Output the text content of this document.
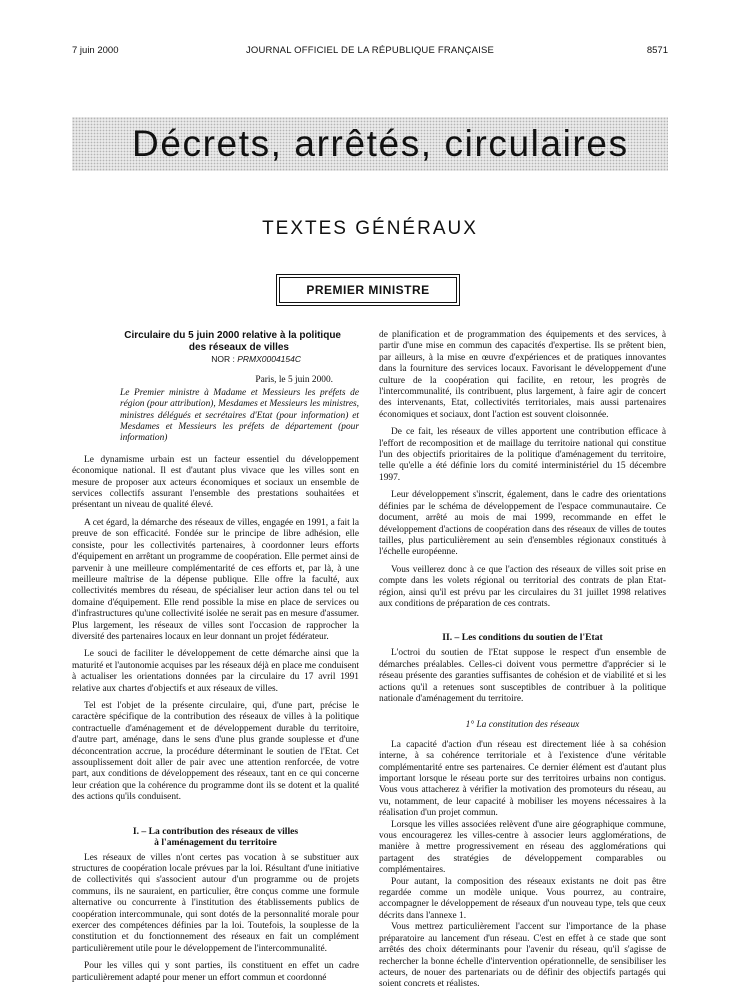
7 juin 2000	JOURNAL OFFICIEL DE LA RÉPUBLIQUE FRANÇAISE	8571
Décrets, arrêtés, circulaires
TEXTES GÉNÉRAUX
PREMIER MINISTRE
Circulaire du 5 juin 2000 relative à la politique
des réseaux de villes
NOR : PRMX0004154C
Paris, le 5 juin 2000.
Le Premier ministre à Madame et Messieurs les préfets de région (pour attribution), Mesdames et Messieurs les ministres, ministres délégués et secrétaires d'Etat (pour information) et Mesdames et Messieurs les préfets de département (pour information)

Le dynamisme urbain est un facteur essentiel du développement économique national. Il est d'autant plus vivace que les villes sont en mesure de proposer aux acteurs économiques et sociaux un ensemble de services collectifs assurant l'ensemble des prestations souhaitées et présentant un niveau de qualité élevé.

A cet égard, la démarche des réseaux de villes, engagée en 1991, a fait la preuve de son efficacité. Fondée sur le principe de libre adhésion, elle consiste, pour les collectivités partenaires, à coordonner leurs efforts d'équipement en arrêtant un programme de coopération. Elle permet ainsi de parvenir à une meilleure complémentarité de ces efforts et, par là, à une meilleure maîtrise de la dépense publique. Elle offre la faculté, aux collectivités membres du réseau, de spécialiser leur action dans tel ou tel domaine d'équipement. Elle rend possible la mise en place de services ou d'infrastructures qu'une collectivité isolée ne serait pas en mesure d'assumer. Plus largement, les réseaux de villes sont l'occasion de rapprocher la diversité des partenaires locaux en leur donnant un projet fédérateur.

Le souci de faciliter le développement de cette démarche ainsi que la maturité et l'autonomie acquises par les réseaux déjà en place me conduisent à actualiser les orientations données par la circulaire du 17 avril 1991 relative aux chartes d'objectifs et aux réseaux de villes.

Tel est l'objet de la présente circulaire, qui, d'une part, précise le caractère spécifique de la contribution des réseaux de villes à la politique contractuelle d'aménagement et de développement durable du territoire, d'autre part, aménage, dans le sens d'une plus grande souplesse et d'une déconcentration accrue, la procédure déterminant le soutien de l'Etat. Cet assouplissement doit aller de pair avec une attention renforcée, de votre part, aux conditions de développement des réseaux, tant en ce qui concerne leur création que la cohérence du programme dont ils se dotent et la qualité des actions qu'ils conduisent.

I. – La contribution des réseaux de villes
à l'aménagement du territoire

Les réseaux de villes n'ont certes pas vocation à se substituer aux structures de coopération locale prévues par la loi. Résultant d'une initiative de collectivités qui s'associent autour d'un programme ou de projets communs, ils ne sauraient, en particulier, être conçus comme une formule alternative ou concurrente à l'institution des établissements publics de coopération intercommunale, qui sont dotés de la personnalité morale pour exercer des compétences définies par la loi. Toutefois, la souplesse de la constitution et du fonctionnement des réseaux en fait un complément particulièrement utile pour le développement de l'intercommunalité.

Pour les villes qui y sont parties, ils constituent en effet un cadre particulièrement adapté pour mener un effort commun et coordonné

de planification et de programmation des équipements et des services, à partir d'une mise en commun des capacités d'expertise. Ils se prêtent bien, par ailleurs, à la mise en œuvre d'expériences et de pratiques innovantes dans la fourniture des services locaux. Favorisant le développement d'une culture de la coopération qui facilite, en retour, les progrès de l'intercommunalité, ils contribuent, plus largement, à faire agir de concert des intervenants, Etat, collectivités territoriales, mais aussi partenaires économiques et sociaux, dont l'action est souvent cloisonnée.

De ce fait, les réseaux de villes apportent une contribution efficace à l'effort de recomposition et de maillage du territoire national qui constitue l'un des objectifs prioritaires de la politique d'aménagement du territoire, telle qu'elle a été définie lors du comité interministériel du 15 décembre 1997.

Leur développement s'inscrit, également, dans le cadre des orientations définies par le schéma de développement de l'espace communautaire. Ce document, arrêté au mois de mai 1999, recommande en effet le développement d'actions de coopération dans des réseaux de villes de toutes tailles, plus particulièrement au sein d'ensembles régionaux constitués à l'échelle européenne.

Vous veillerez donc à ce que l'action des réseaux de villes soit prise en compte dans les volets régional ou territorial des contrats de plan Etat-région, ainsi qu'il est prévu par les circulaires du 31 juillet 1998 relatives aux conditions de préparation de ces contrats.

II. – Les conditions du soutien de l'Etat

L'octroi du soutien de l'Etat suppose le respect d'un ensemble de démarches préalables. Celles-ci doivent vous permettre d'apprécier si le réseau présente des garanties suffisantes de cohésion et de viabilité et si les actions qu'il a retenues sont susceptibles de contribuer à la politique nationale d'aménagement du territoire.

1° La constitution des réseaux

La capacité d'action d'un réseau est directement liée à sa cohésion interne, à sa cohérence territoriale et à l'existence d'une véritable complémentarité entre ses partenaires. Ce dernier élément est d'autant plus important lorsque le réseau porte sur des territoires urbains non contigus. Vous vous attacherez à vérifier la motivation des promoteurs du réseau, au vu, notamment, de leur capacité à mobiliser les moyens nécessaires à la réalisation d'un projet commun.

Lorsque les villes associées relèvent d'une aire géographique commune, vous encouragerez les villes-centre à associer leurs agglomérations, de manière à mettre progressivement en réseau des agglomérations qui partagent des stratégies de développement comparables ou complémentaires.

Pour autant, la composition des réseaux existants ne doit pas être regardée comme un modèle unique. Vous pourrez, au contraire, accompagner le développement de réseaux d'un nouveau type, tels que ceux décrits dans l'annexe 1.

Vous mettrez particulièrement l'accent sur l'importance de la phase préparatoire au lancement d'un réseau. C'est en effet à ce stade que sont arrêtés des choix déterminants pour l'avenir du réseau, qu'il s'agisse de rechercher la bonne échelle d'intervention opérationnelle, de sensibiliser les acteurs, de nouer des partenariats ou de définir des objectifs partagés qui soient concrets et réalistes.
